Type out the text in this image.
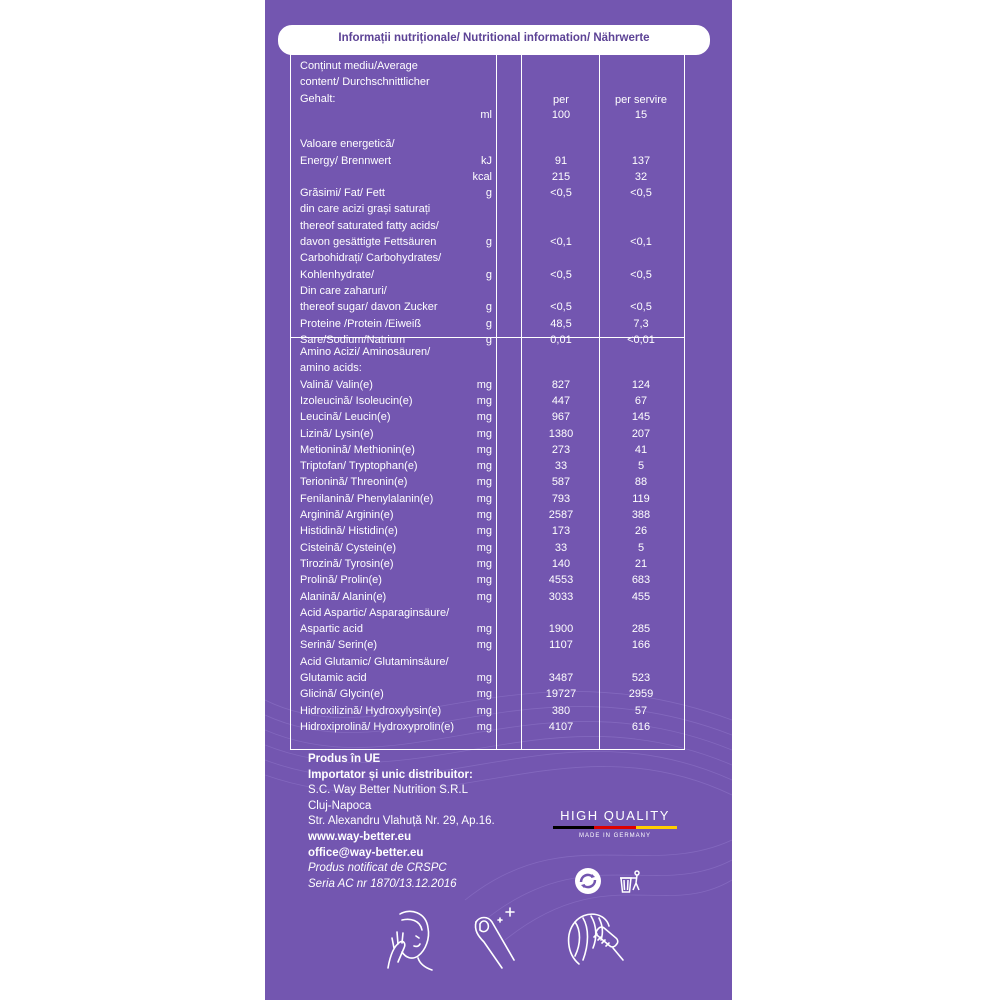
Informații nutriționale/ Nutritional information/ Nährwerte
Conținut mediu/Average
content/ Durchschnittlicher
Gehalt:	per	per servire
ml	100	15
Valoare energetică/
Energy/ Brennwert	kJ	91	137
kcal	215	32
Grăsimi/ Fat/ Fett	g	<0,5	<0,5
din care acizi grași saturați
thereof saturated fatty acids/
davon gesättigte Fettsäuren	g	<0,1	<0,1
Carbohidrați/ Carbohydrates/
Kohlenhydrate/	g	<0,5	<0,5
Din care zaharuri/
thereof sugar/ davon Zucker	g	<0,5	<0,5
Proteine /Protein /Eiweiß	g	48,5	7,3
Sare/Sodium/Natrium	g	0,01	<0,01
Amino Acizi/ Aminosäuren/
amino acids:
Valină/ Valin(e)	mg	827	124
Izoleucină/ Isoleucin(e)	mg	447	67
Leucină/ Leucin(e)	mg	967	145
Lizină/ Lysin(e)	mg	1380	207
Metionină/ Methionin(e)	mg	273	41
Triptofan/ Tryptophan(e)	mg	33	5
Terionină/ Threonin(e)	mg	587	88
Fenilanină/ Phenylalanin(e)	mg	793	119
Arginină/ Arginin(e)	mg	2587	388
Histidină/ Histidin(e)	mg	173	26
Cisteină/ Cystein(e)	mg	33	5
Tirozină/ Tyrosin(e)	mg	140	21
Prolină/ Prolin(e)	mg	4553	683
Alanină/ Alanin(e)	mg	3033	455
Acid Aspartic/ Asparaginsäure/
Aspartic acid	mg	1900	285
Serină/ Serin(e)	mg	1107	166
Acid Glutamic/ Glutaminsäure/
Glutamic acid	mg	3487	523
Glicină/ Glycin(e)	mg	19727	2959
Hidroxilizină/ Hydroxylysin(e)	mg	380	57
Hidroxiprolină/ Hydroxyprolin(e)	mg	4107	616
Produs în UE
Importator și unic distribuitor:
S.C. Way Better Nutrition S.R.L
Cluj-Napoca
Str. Alexandru Vlahuță Nr. 29, Ap.16.
www.way-better.eu
office@way-better.eu
Produs notificat de CRSPC
Seria AC nr 1870/13.12.2016
HIGH QUALITY
MADE IN GERMANY
